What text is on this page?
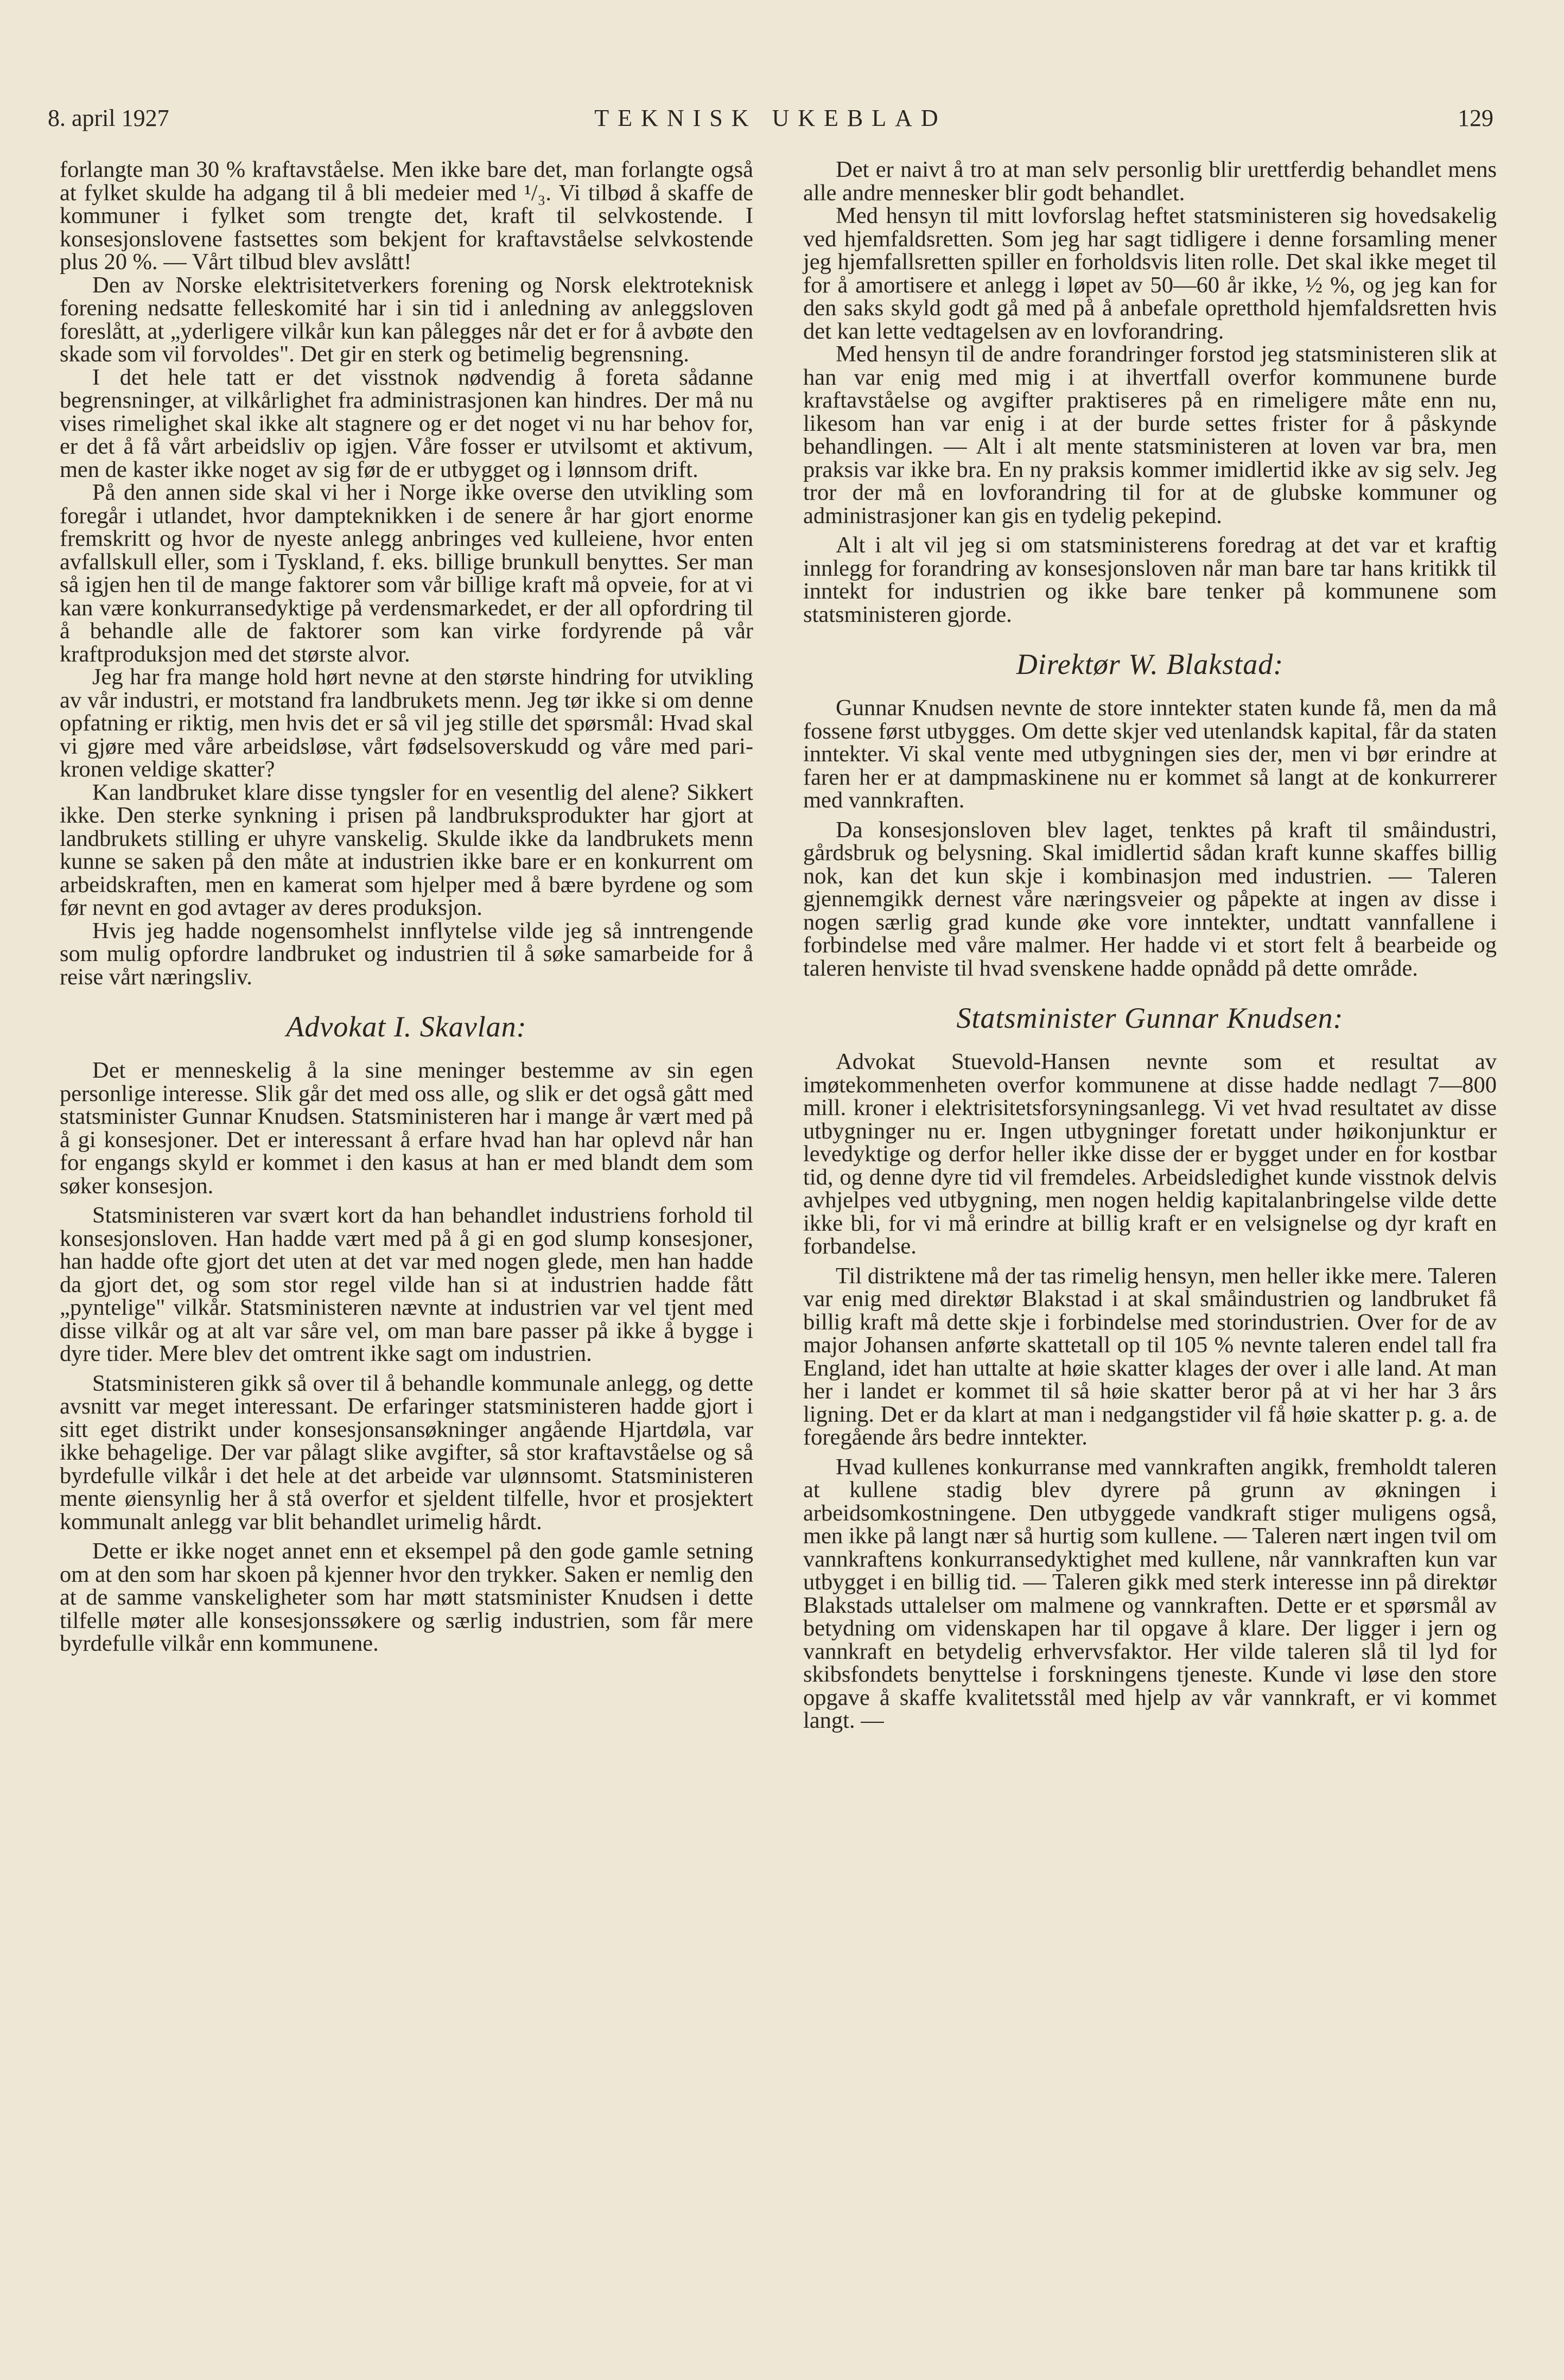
8. april 1927	TEKNISK UKEBLAD	129

forlangte man 30 % kraftavståelse. Men ikke bare det, man forlangte også at fylket skulde ha adgang til å bli medeier med ¹/₃. Vi tilbød å skaffe de kommuner i fylket som trengte det, kraft til selvkostende. I konsesjonslovene fastsettes som bekjent for kraftavståelse selvkostende plus 20 %. — Vårt tilbud blev avslått!

Den av Norske elektrisitetverkers forening og Norsk elektroteknisk forening nedsatte felleskomité har i sin tid i anledning av anleggsloven foreslått, at „yderligere vilkår kun kan pålegges når det er for å avbøte den skade som vil forvoldes". Det gir en sterk og betimelig begrensning.

I det hele tatt er det visstnok nødvendig å foreta sådanne begrensninger, at vilkårlighet fra administrasjonen kan hindres. Der må nu vises rimelighet skal ikke alt stagnere og er det noget vi nu har behov for, er det å få vårt arbeidsliv op igjen. Våre fosser er utvilsomt et aktivum, men de kaster ikke noget av sig før de er utbygget og i lønnsom drift.

På den annen side skal vi her i Norge ikke overse den utvikling som foregår i utlandet, hvor dampteknikken i de senere år har gjort enorme fremskritt og hvor de nyeste anlegg anbringes ved kulleiene, hvor enten avfallskull eller, som i Tyskland, f. eks. billige brunkull benyttes. Ser man så igjen hen til de mange faktorer som vår billige kraft må opveie, for at vi kan være konkurransedyktige på verdensmarkedet, er der all opfordring til å behandle alle de faktorer som kan virke fordyrende på vår kraftproduksjon med det største alvor.

Jeg har fra mange hold hørt nevne at den største hindring for utvikling av vår industri, er motstand fra landbrukets menn. Jeg tør ikke si om denne opfatning er riktig, men hvis det er så vil jeg stille det spørsmål: Hvad skal vi gjøre med våre arbeidsløse, vårt fødselsoverskudd og våre med pari-kronen veldige skatter?

Kan landbruket klare disse tyngsler for en vesentlig del alene? Sikkert ikke. Den sterke synkning i prisen på landbruksprodukter har gjort at landbrukets stilling er uhyre vanskelig. Skulde ikke da landbrukets menn kunne se saken på den måte at industrien ikke bare er en konkurrent om arbeidskraften, men en kamerat som hjelper med å bære byrdene og som før nevnt en god avtager av deres produksjon.

Hvis jeg hadde nogensomhelst innflytelse vilde jeg så inntrengende som mulig opfordre landbruket og industrien til å søke samarbeide for å reise vårt næringsliv.

Advokat I. Skavlan:

Det er menneskelig å la sine meninger bestemme av sin egen personlige interesse. Slik går det med oss alle, og slik er det også gått med statsminister Gunnar Knudsen. Statsministeren har i mange år vært med på å gi konsesjoner. Det er interessant å erfare hvad han har oplevd når han for engangs skyld er kommet i den kasus at han er med blandt dem som søker konsesjon.

Statsministeren var svært kort da han behandlet industriens forhold til konsesjonsloven. Han hadde vært med på å gi en god slump konsesjoner, han hadde ofte gjort det uten at det var med nogen glede, men han hadde da gjort det, og som stor regel vilde han si at industrien hadde fått „pyntelige" vilkår. Statsministeren nævnte at industrien var vel tjent med disse vilkår og at alt var såre vel, om man bare passer på ikke å bygge i dyre tider. Mere blev det omtrent ikke sagt om industrien.

Statsministeren gikk så over til å behandle kommunale anlegg, og dette avsnitt var meget interessant. De erfaringer statsministeren hadde gjort i sitt eget distrikt under konsesjonsansøkninger angående Hjartdøla, var ikke behagelige. Der var pålagt slike avgifter, så stor kraftavståelse og så byrdefulle vilkår i det hele at det arbeide var ulønnsomt. Statsministeren mente øiensynlig her å stå overfor et sjeldent tilfelle, hvor et prosjektert kommunalt anlegg var blit behandlet urimelig hårdt.

Dette er ikke noget annet enn et eksempel på den gode gamle setning om at den som har skoen på kjenner hvor den trykker. Saken er nemlig den at de samme vanskeligheter som har møtt statsminister Knudsen i dette tilfelle møter alle konsesjonssøkere og særlig industrien, som får mere byrdefulle vilkår enn kommunene.

Det er naivt å tro at man selv personlig blir urettferdig behandlet mens alle andre mennesker blir godt behandlet.

Med hensyn til mitt lovforslag heftet statsministeren sig hovedsakelig ved hjemfaldsretten. Som jeg har sagt tidligere i denne forsamling mener jeg hjemfallsretten spiller en forholdsvis liten rolle. Det skal ikke meget til for å amortisere et anlegg i løpet av 50—60 år ikke, ½ %, og jeg kan for den saks skyld godt gå med på å anbefale opretthold hjemfaldsretten hvis det kan lette vedtagelsen av en lovforandring.

Med hensyn til de andre forandringer forstod jeg statsministeren slik at han var enig med mig i at ihvertfall overfor kommunene burde kraftavståelse og avgifter praktiseres på en rimeligere måte enn nu, likesom han var enig i at der burde settes frister for å påskynde behandlingen. — Alt i alt mente statsministeren at loven var bra, men praksis var ikke bra. En ny praksis kommer imidlertid ikke av sig selv. Jeg tror der må en lovforandring til for at de glubske kommuner og administrasjoner kan gis en tydelig pekepind.

Alt i alt vil jeg si om statsministerens foredrag at det var et kraftig innlegg for forandring av konsesjonsloven når man bare tar hans kritikk til inntekt for industrien og ikke bare tenker på kommunene som statsministeren gjorde.

Direktør W. Blakstad:

Gunnar Knudsen nevnte de store inntekter staten kunde få, men da må fossene først utbygges. Om dette skjer ved utenlandsk kapital, får da staten inntekter. Vi skal vente med utbygningen sies der, men vi bør erindre at faren her er at dampmaskinene nu er kommet så langt at de konkurrerer med vannkraften.

Da konsesjonsloven blev laget, tenktes på kraft til småindustri, gårdsbruk og belysning. Skal imidlertid sådan kraft kunne skaffes billig nok, kan det kun skje i kombinasjon med industrien. — Taleren gjennemgikk dernest våre næringsveier og påpekte at ingen av disse i nogen særlig grad kunde øke vore inntekter, undtatt vannfallene i forbindelse med våre malmer. Her hadde vi et stort felt å bearbeide og taleren henviste til hvad svenskene hadde opnådd på dette område.

Statsminister Gunnar Knudsen:

Advokat Stuevold-Hansen nevnte som et resultat av imøtekommenheten overfor kommunene at disse hadde nedlagt 7—800 mill. kroner i elektrisitetsforsyningsanlegg. Vi vet hvad resultatet av disse utbygninger nu er. Ingen utbygninger foretatt under høikonjunktur er levedyktige og derfor heller ikke disse der er bygget under en for kostbar tid, og denne dyre tid vil fremdeles. Arbeidsledighet kunde visstnok delvis avhjelpes ved utbygning, men nogen heldig kapitalanbringelse vilde dette ikke bli, for vi må erindre at billig kraft er en velsignelse og dyr kraft en forbandelse.

Til distriktene må der tas rimelig hensyn, men heller ikke mere. Taleren var enig med direktør Blakstad i at skal småindustrien og landbruket få billig kraft må dette skje i forbindelse med storindustrien. Over for de av major Johansen anførte skattetall op til 105 % nevnte taleren endel tall fra England, idet han uttalte at høie skatter klages der over i alle land. At man her i landet er kommet til så høie skatter beror på at vi her har 3 års ligning. Det er da klart at man i nedgangstider vil få høie skatter p. g. a. de foregående års bedre inntekter.

Hvad kullenes konkurranse med vannkraften angikk, fremholdt taleren at kullene stadig blev dyrere på grunn av økningen i arbeidsomkostningene. Den utbyggede vandkraft stiger muligens også, men ikke på langt nær så hurtig som kullene. — Taleren nært ingen tvil om vannkraftens konkurransedyktighet med kullene, når vannkraften kun var utbygget i en billig tid. — Taleren gikk med sterk interesse inn på direktør Blakstads uttalelser om malmene og vannkraften. Dette er et spørsmål av betydning om videnskapen har til opgave å klare. Der ligger i jern og vannkraft en betydelig erhvervsfaktor. Her vilde taleren slå til lyd for skibsfondets benyttelse i forskningens tjeneste. Kunde vi løse den store opgave å skaffe kvalitetsstål med hjelp av vår vannkraft, er vi kommet langt. —
